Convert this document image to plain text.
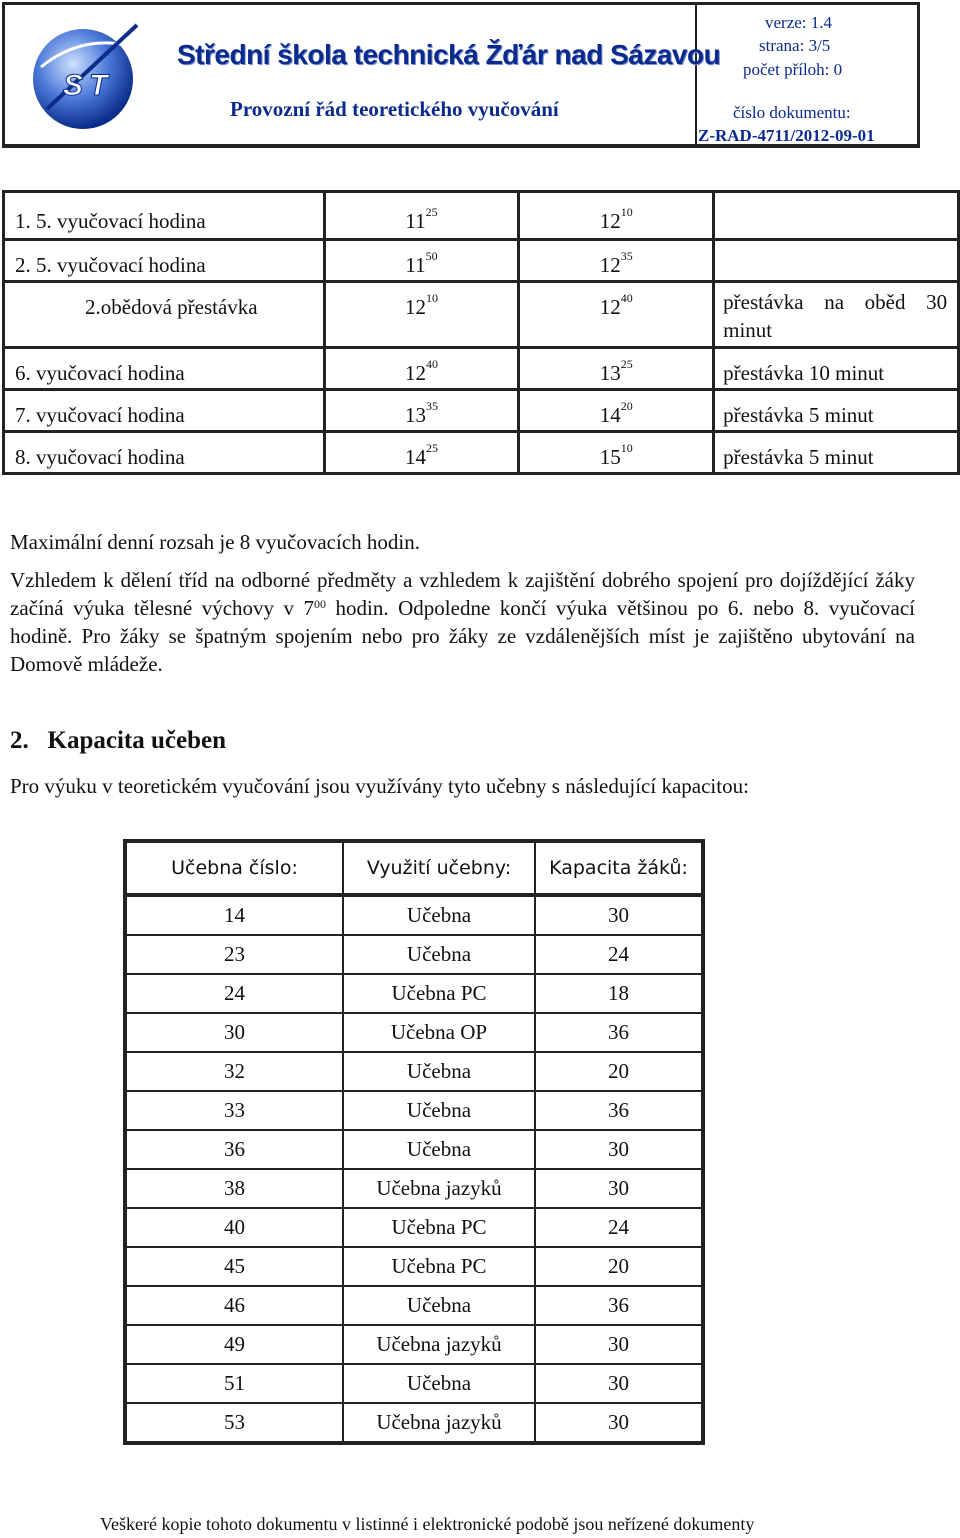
S T
Střední škola technická Žďár nad Sázavou
Provozní řád teoretického vyučování
verze: 1.4
strana: 3/5
počet příloh: 0
číslo dokumentu:
Z-RAD-4711/2012-09-01
1. 5. vyučovací hodina	$11^{25}$	$12^{10}$	
2. 5. vyučovací hodina	$11^{50}$	$12^{35}$	
2.obědová přestávka	$12^{10}$	$12^{40}$	přestávka na oběd 30 minut
6. vyučovací hodina	$12^{40}$	$13^{25}$	přestávka 10 minut
7. vyučovací hodina	$13^{35}$	$14^{20}$	přestávka 5 minut
8. vyučovací hodina	$14^{25}$	$15^{10}$	přestávka 5 minut
Maximální denní rozsah je 8 vyučovacích hodin.
Vzhledem k dělení tříd na odborné předměty a vzhledem k zajištění dobrého spojení pro dojíždějící žáky začíná výuka tělesné výchovy v $7^{00}$ hodin. Odpoledne končí výuka většinou po 6. nebo 8. vyučovací hodině. Pro žáky se špatným spojením nebo pro žáky ze vzdálenějších míst je zajištěno ubytování na Domově mládeže.
2.   Kapacita učeben
Pro výuku v teoretickém vyučování jsou využívány tyto učebny s následující kapacitou:
Učebna číslo:	Využití učebny:	Kapacita žáků:
14	Učebna	30
23	Učebna	24
24	Učebna PC	18
30	Učebna OP	36
32	Učebna	20
33	Učebna	36
36	Učebna	30
38	Učebna jazyků	30
40	Učebna PC	24
45	Učebna PC	20
46	Učebna	36
49	Učebna jazyků	30
51	Učebna	30
53	Učebna jazyků	30
Veškeré kopie tohoto dokumentu v listinné i elektronické podobě jsou neřízené dokumenty
